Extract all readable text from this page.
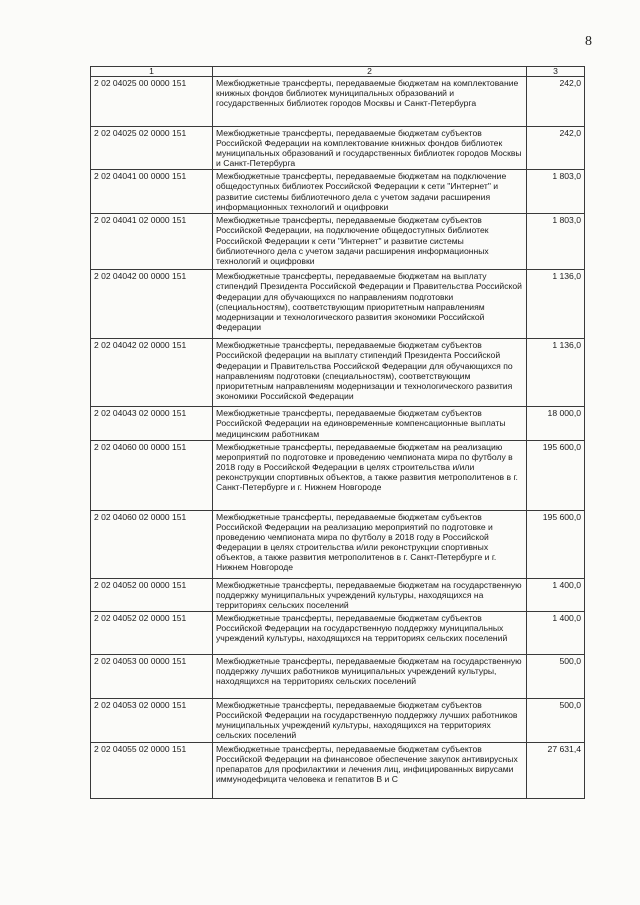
8
1	2	3
2 02 04025 00 0000 151	Межбюджетные трансферты, передаваемые бюджетам на комплектование книжных фондов библиотек муниципальных образований и государственных библиотек городов Москвы и Санкт-Петербурга	242,0
2 02 04025 02 0000 151	Межбюджетные трансферты, передаваемые бюджетам субъектов Российской Федерации на комплектование книжных фондов библиотек муниципальных образований и государственных библиотек городов Москвы и Санкт-Петербурга	242,0
2 02 04041 00 0000 151	Межбюджетные трансферты, передаваемые бюджетам на подключение общедоступных библиотек Российской Федерации к сети "Интернет" и развитие системы библиотечного дела с учетом задачи расширения информационных технологий и оцифровки	1 803,0
2 02 04041 02 0000 151	Межбюджетные трансферты, передаваемые бюджетам субъектов Российской Федерации, на подключение общедоступных библиотек Российской Федерации к сети "Интернет" и развитие системы библиотечного дела с учетом задачи расширения информационных технологий и оцифровки	1 803,0
2 02 04042 00 0000 151	Межбюджетные трансферты, передаваемые бюджетам на выплату стипендий Президента Российской Федерации и Правительства Российской Федерации для обучающихся по направлениям подготовки (специальностям), соответствующим приоритетным направлениям модернизации и технологического развития экономики Российской Федерации	1 136,0
2 02 04042 02 0000 151	Межбюджетные трансферты, передаваемые бюджетам субъектов Российской федерации на выплату стипендий Президента Российской Федерации и Правительства Российской Федерации для обучающихся по направлениям подготовки (специальностям), соответствующим приоритетным направлениям модернизации и технологического развития экономики Российской Федерации	1 136,0
2 02 04043 02 0000 151	Межбюджетные трансферты, передаваемые бюджетам субъектов Российской Федерации на единовременные компенсационные выплаты медицинским работникам	18 000,0
2 02 04060 00 0000 151	Межбюджетные трансферты, передаваемые бюджетам на реализацию мероприятий по подготовке и проведению чемпионата мира по футболу в 2018 году в Российской Федерации в целях строительства и/или реконструкции спортивных объектов, а также развития метрополитенов в г. Санкт-Петербурге и г. Нижнем Новгороде	195 600,0
2 02 04060 02 0000 151	Межбюджетные трансферты, передаваемые бюджетам субъектов Российской Федерации на реализацию мероприятий по подготовке и проведению чемпионата мира по футболу в 2018 году в Российской Федерации в целях строительства и/или реконструкции спортивных объектов, а также развития метрополитенов в г. Санкт-Петербурге и г. Нижнем Новгороде	195 600,0
2 02 04052 00 0000 151	Межбюджетные трансферты, передаваемые бюджетам на государственную поддержку муниципальных учреждений культуры, находящихся на территориях сельских поселений	1 400,0
2 02 04052 02 0000 151	Межбюджетные трансферты, передаваемые бюджетам субъектов Российской Федерации на государственную поддержку муниципальных учреждений культуры, находящихся на территориях сельских поселений	1 400,0
2 02 04053 00 0000 151	Межбюджетные трансферты, передаваемые бюджетам на государственную поддержку лучших работников муниципальных учреждений культуры, находящихся на территориях сельских поселений	500,0
2 02 04053 02 0000 151	Межбюджетные трансферты, передаваемые бюджетам субъектов Российской Федерации на государственную поддержку лучших работников муниципальных учреждений культуры, находящихся на территориях сельских поселений	500,0
2 02 04055 02 0000 151	Межбюджетные трансферты, передаваемые бюджетам субъектов Российской Федерации на финансовое обеспечение закупок антивирусных препаратов для профилактики и лечения лиц, инфицированных вирусами иммунодефицита человека и гепатитов В и С	27 631,4
